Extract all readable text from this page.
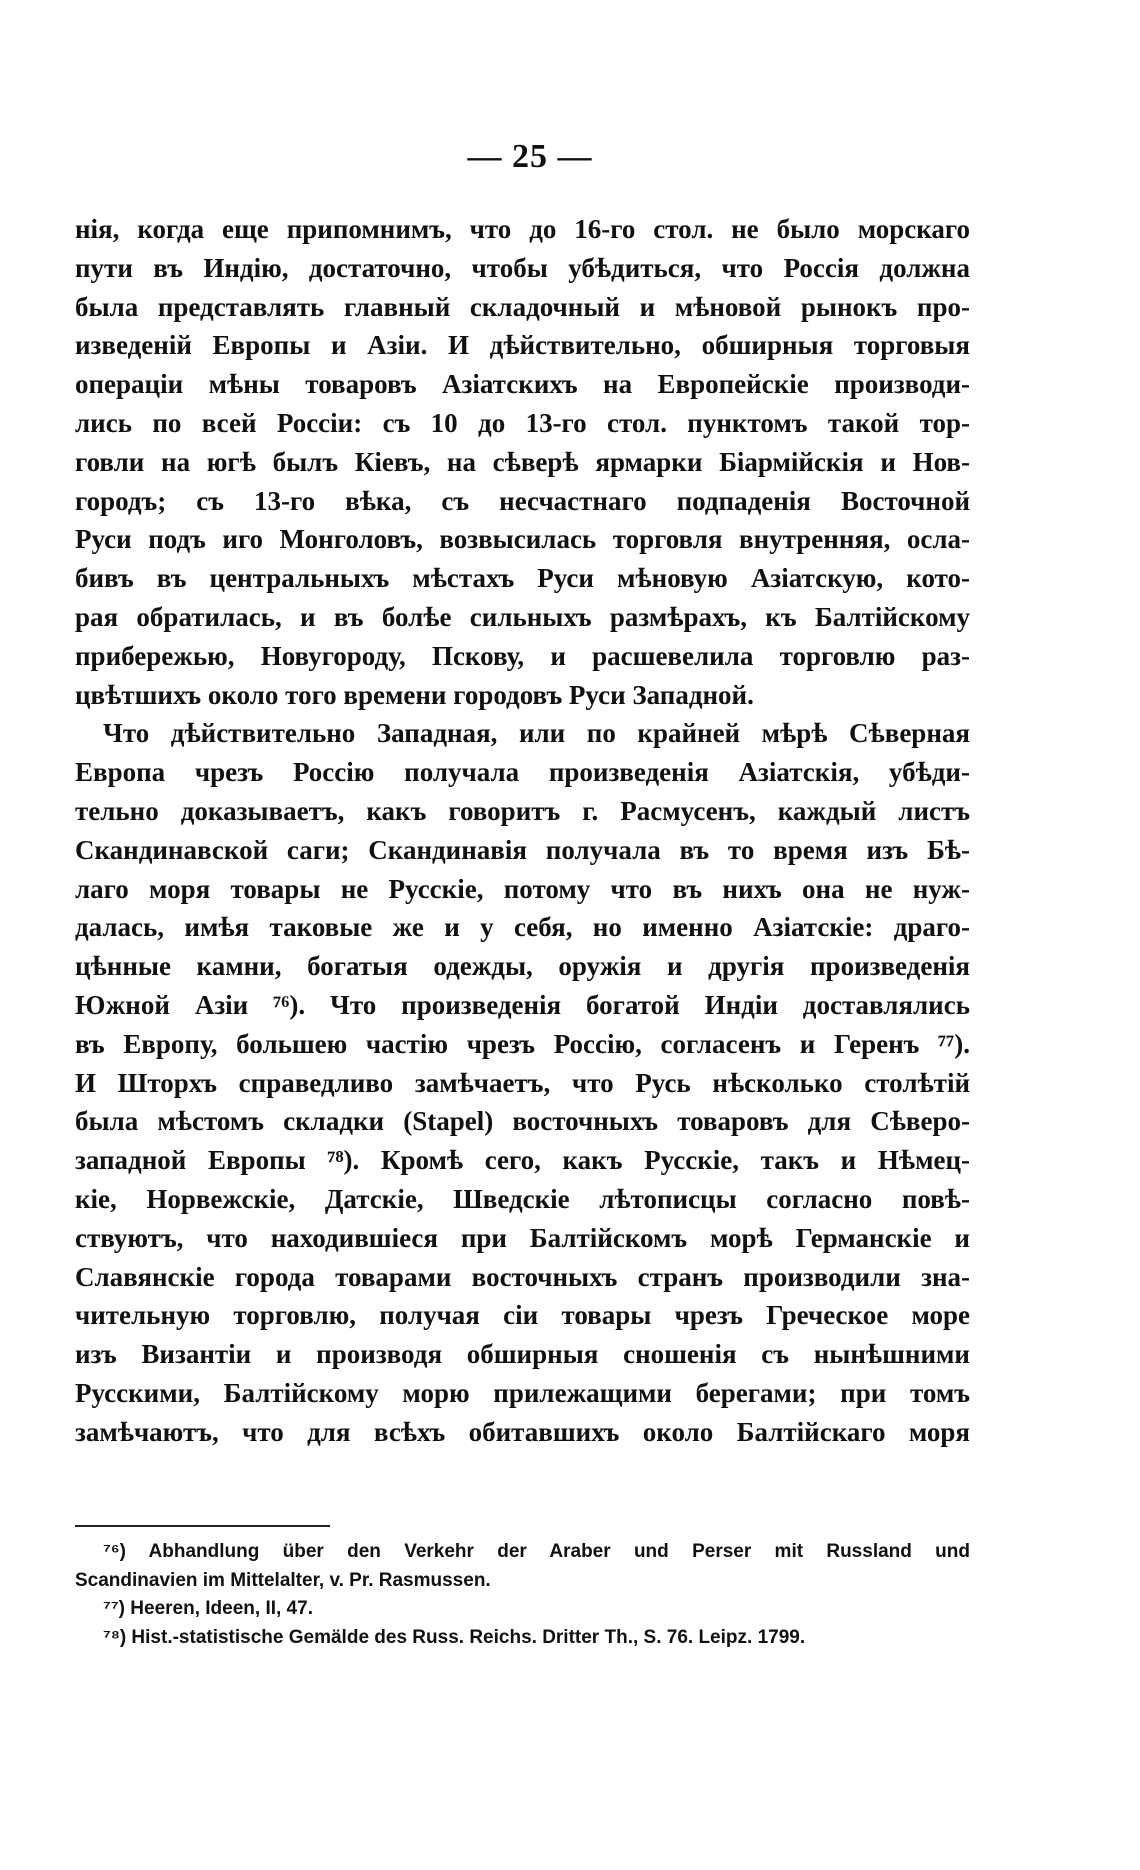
— 25 —
нія, когда еще припомнимъ, что до 16-го стол. не было морскаго
пути въ Индію, достаточно, чтобы убѣдиться, что Россія должна
была представлять главный складочный и мѣновой рынокъ про-
изведеній Европы и Азіи. И дѣйствительно, обширныя торговыя
операціи мѣны товаровъ Азіатскихъ на Европейскіе производи-
лись по всей Россіи: съ 10 до 13-го стол. пунктомъ такой тор-
говли на югѣ былъ Кіевъ, на сѣверѣ ярмарки Біармійскія и Нов-
городъ; съ 13-го вѣка, съ несчастнаго подпаденія Восточной
Руси подъ иго Монголовъ, возвысилась торговля внутренняя, осла-
бивъ въ центральныхъ мѣстахъ Руси мѣновую Азіатскую, кото-
рая обратилась, и въ болѣе сильныхъ размѣрахъ, къ Балтійскому
прибережью, Новугороду, Пскову, и расшевелила торговлю раз-
цвѣтшихъ около того времени городовъ Руси Западной.
Что дѣйствительно Западная, или по крайней мѣрѣ Сѣверная
Европа чрезъ Россію получала произведенія Азіатскія, убѣди-
тельно доказываетъ, какъ говоритъ г. Расмусенъ, каждый листъ
Скандинавской саги; Скандинавія получала въ то время изъ Бѣ-
лаго моря товары не Русскіе, потому что въ нихъ она не нуж-
далась, имѣя таковые же и у себя, но именно Азіатскіе: драго-
цѣнные камни, богатыя одежды, оружія и другія произведенія
Южной Азіи ⁷⁶). Что произведенія богатой Индіи доставлялись
въ Европу, большею частію чрезъ Россію, согласенъ и Геренъ ⁷⁷).
И Шторхъ справедливо замѣчаетъ, что Русь нѣсколько столѣтій
была мѣстомъ складки (Stapel) восточныхъ товаровъ для Сѣверо-
западной Европы ⁷⁸). Кромѣ сего, какъ Русскіе, такъ и Нѣмец-
кіе, Норвежскіе, Датскіе, Шведскіе лѣтописцы согласно повѣ-
ствуютъ, что находившіеся при Балтійскомъ морѣ Германскіе и
Славянскіе города товарами восточныхъ странъ производили зна-
чительную торговлю, получая сіи товары чрезъ Греческое море
изъ Византіи и производя обширныя сношенія съ нынѣшними
Русскими, Балтійскому морю прилежащими берегами; при томъ
замѣчаютъ, что для всѣхъ обитавшихъ около Балтійскаго моря
⁷⁶) Abhandlung über den Verkehr der Araber und Perser mit Russland und
Scandinavien im Mittelalter, v. Pr. Rasmussen.
⁷⁷) Heeren, Ideen, II, 47.
⁷⁸) Hist.-statistische Gemälde des Russ. Reichs. Dritter Th., S. 76. Leipz. 1799.
